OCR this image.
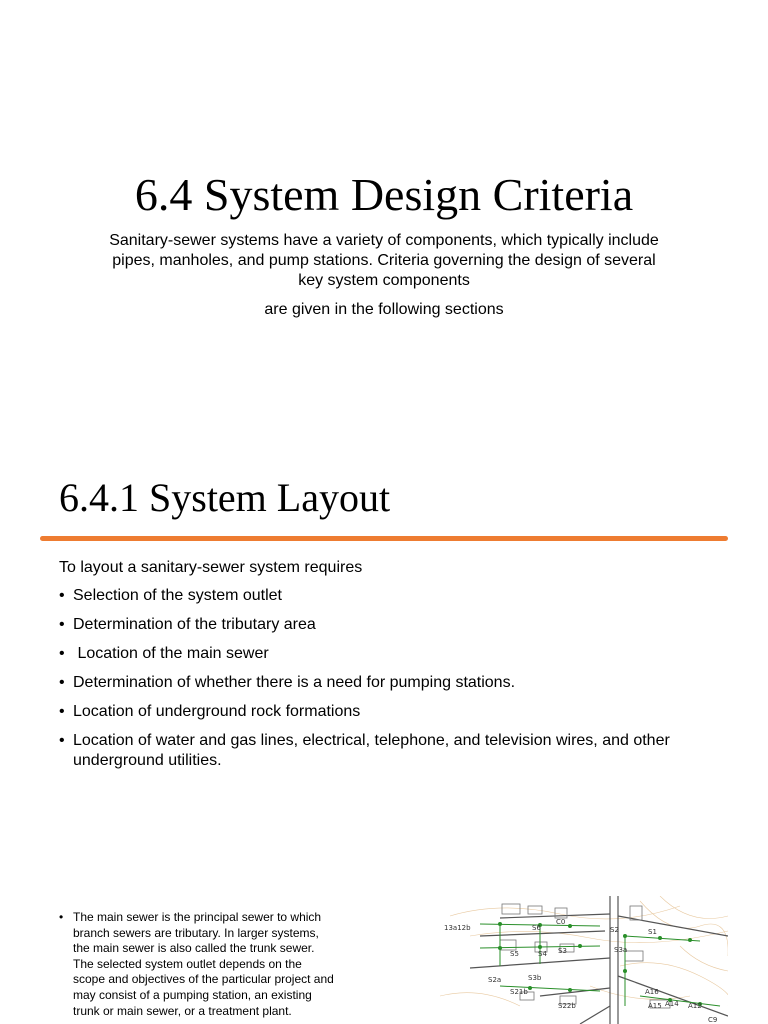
6.4 System Design Criteria
Sanitary-sewer systems have a variety of components, which typically include pipes, manholes, and pump stations. Criteria governing the design of several key system components
are given in the following sections
6.4.1 System Layout
To layout a sanitary-sewer system requires
• Selection of the system outlet
• Determination of the tributary area
•  Location of the main sewer
• Determination of whether there is a need for pumping stations.
• Location of underground rock formations
• Location of water and gas lines, electrical, telephone, and television wires, and other underground utilities.
• The main sewer is the principal sewer to which branch sewers are tributary. In larger systems, the main sewer is also called the trunk sewer. The selected system outlet depends on the scope and objectives of the particular project and may consist of a pumping station, an existing trunk or main sewer, or a treatment plant.
13a12b	S6
S5	S4 S3
S2	S1
S3a
C0
S2a	S3b
S21b
S22b
A16
A15 A14 A12
C9
